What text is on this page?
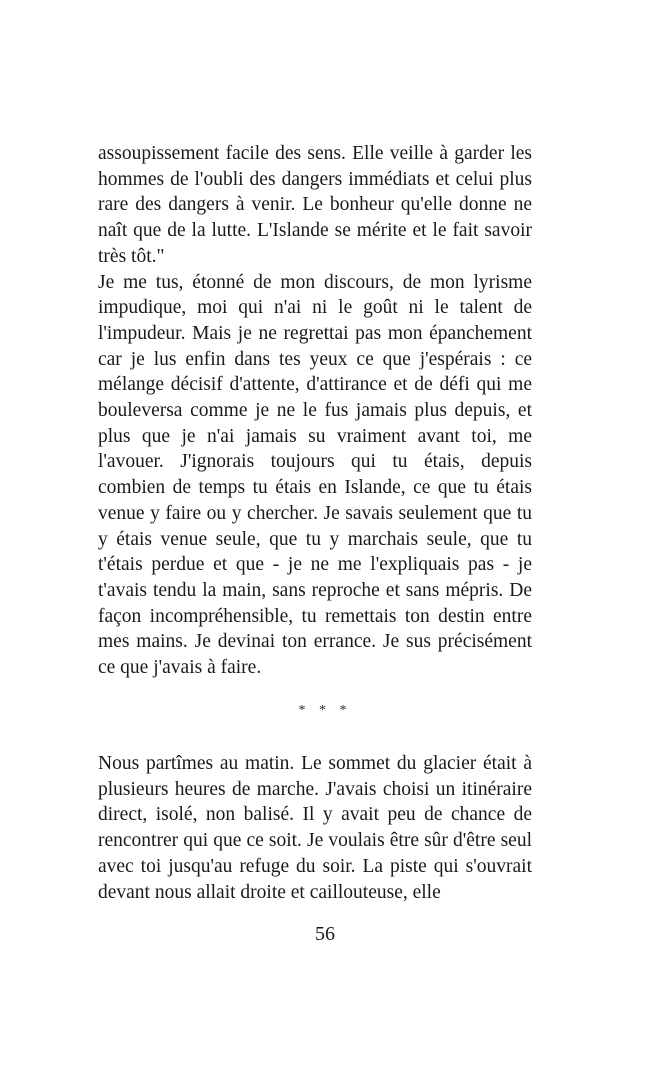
assoupissement facile des sens. Elle veille à garder les hommes de l'oubli des dangers immédiats et celui plus rare des dangers à venir. Le bonheur qu'elle donne ne naît que de la lutte. L'Islande se mérite et le fait savoir très tôt."

Je me tus, étonné de mon discours, de mon lyrisme impudique, moi qui n'ai ni le goût ni le talent de l'impudeur. Mais je ne regrettai pas mon épanchement car je lus enfin dans tes yeux ce que j'espérais : ce mélange décisif d'attente, d'attirance et de défi qui me bouleversa comme je ne le fus jamais plus depuis, et plus que je n'ai jamais su vraiment avant toi, me l'avouer. J'ignorais toujours qui tu étais, depuis combien de temps tu étais en Islande, ce que tu étais venue y faire ou y chercher. Je savais seulement que tu y étais venue seule, que tu y marchais seule, que tu t'étais perdue et que - je ne me l'expliquais pas - je t'avais tendu la main, sans reproche et sans mépris. De façon incompréhensible, tu remettais ton destin entre mes mains. Je devinai ton errance. Je sus précisément ce que j'avais à faire.

* * *

Nous partîmes au matin. Le sommet du glacier était à plusieurs heures de marche. J'avais choisi un itinéraire direct, isolé, non balisé. Il y avait peu de chance de rencontrer qui que ce soit. Je voulais être sûr d'être seul avec toi jusqu'au refuge du soir. La piste qui s'ouvrait devant nous allait droite et caillouteuse, elle

56
